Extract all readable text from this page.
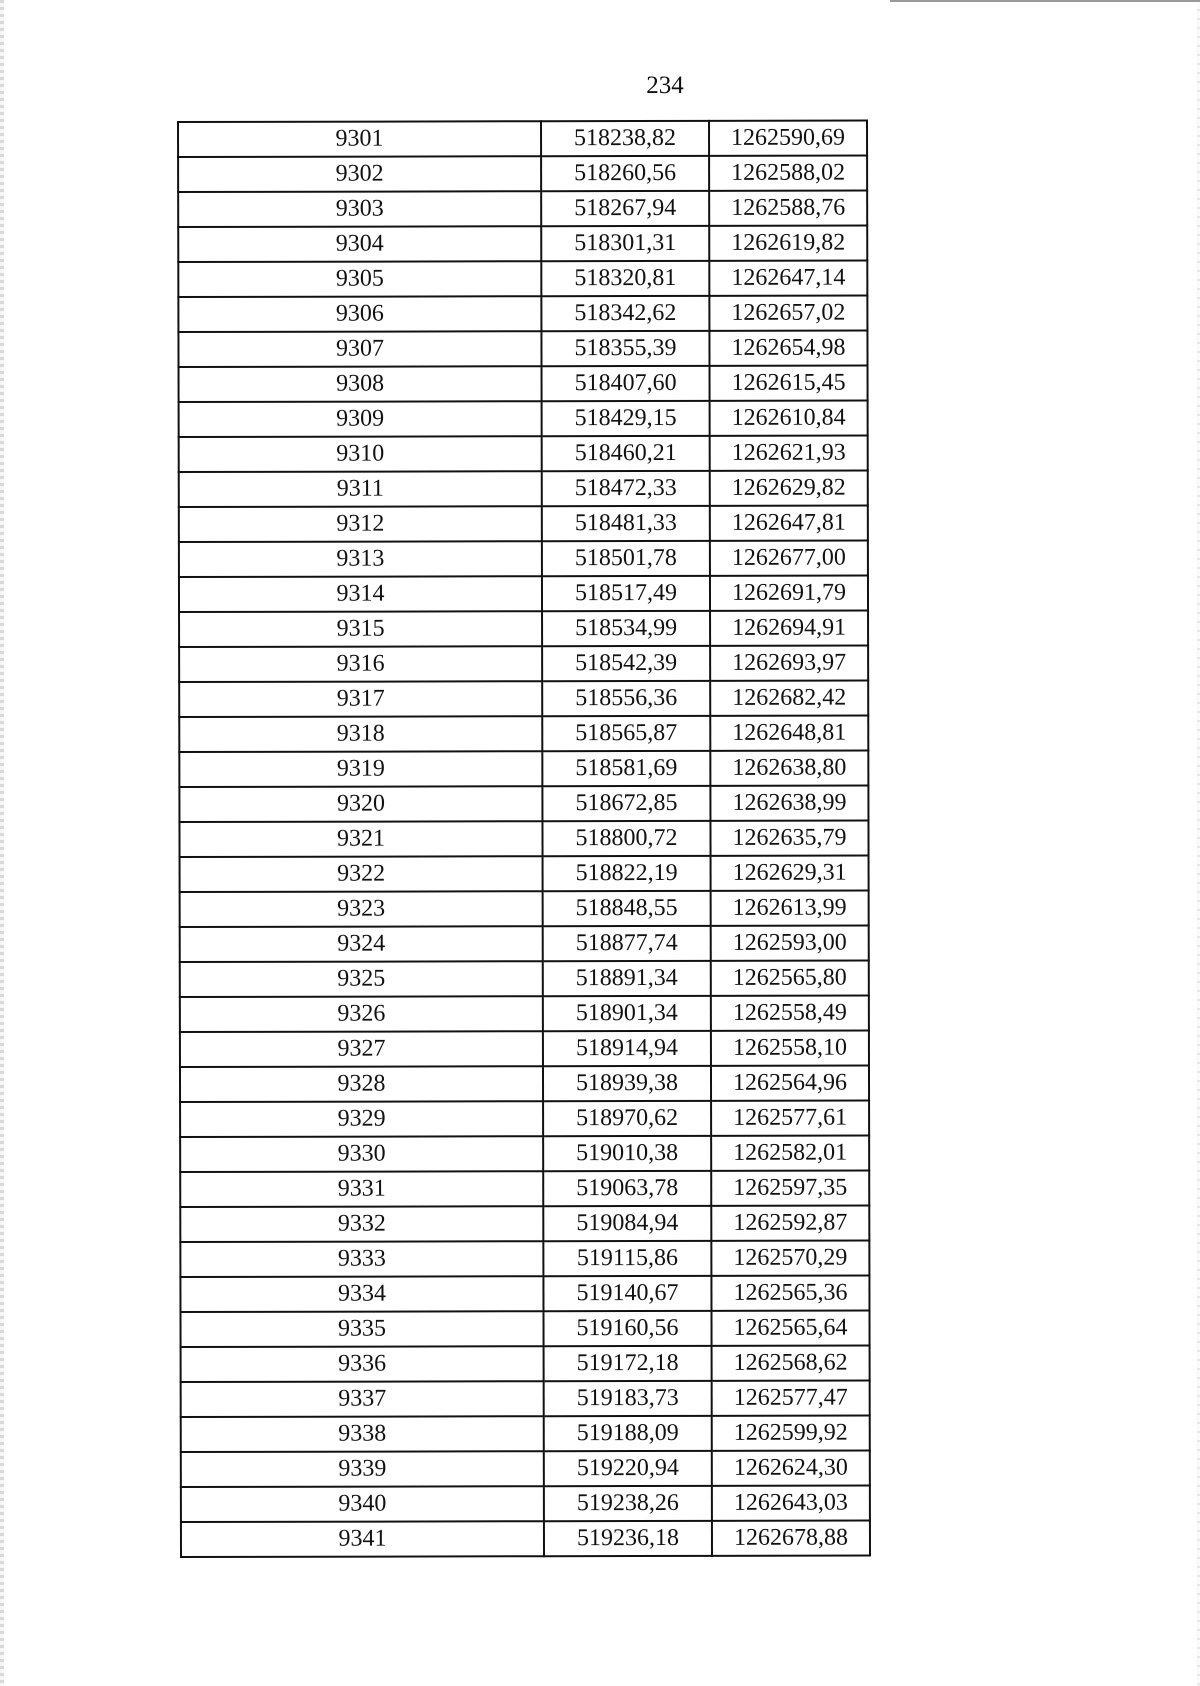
234
9301	518238,82	1262590,69
9302	518260,56	1262588,02
9303	518267,94	1262588,76
9304	518301,31	1262619,82
9305	518320,81	1262647,14
9306	518342,62	1262657,02
9307	518355,39	1262654,98
9308	518407,60	1262615,45
9309	518429,15	1262610,84
9310	518460,21	1262621,93
9311	518472,33	1262629,82
9312	518481,33	1262647,81
9313	518501,78	1262677,00
9314	518517,49	1262691,79
9315	518534,99	1262694,91
9316	518542,39	1262693,97
9317	518556,36	1262682,42
9318	518565,87	1262648,81
9319	518581,69	1262638,80
9320	518672,85	1262638,99
9321	518800,72	1262635,79
9322	518822,19	1262629,31
9323	518848,55	1262613,99
9324	518877,74	1262593,00
9325	518891,34	1262565,80
9326	518901,34	1262558,49
9327	518914,94	1262558,10
9328	518939,38	1262564,96
9329	518970,62	1262577,61
9330	519010,38	1262582,01
9331	519063,78	1262597,35
9332	519084,94	1262592,87
9333	519115,86	1262570,29
9334	519140,67	1262565,36
9335	519160,56	1262565,64
9336	519172,18	1262568,62
9337	519183,73	1262577,47
9338	519188,09	1262599,92
9339	519220,94	1262624,30
9340	519238,26	1262643,03
9341	519236,18	1262678,88
